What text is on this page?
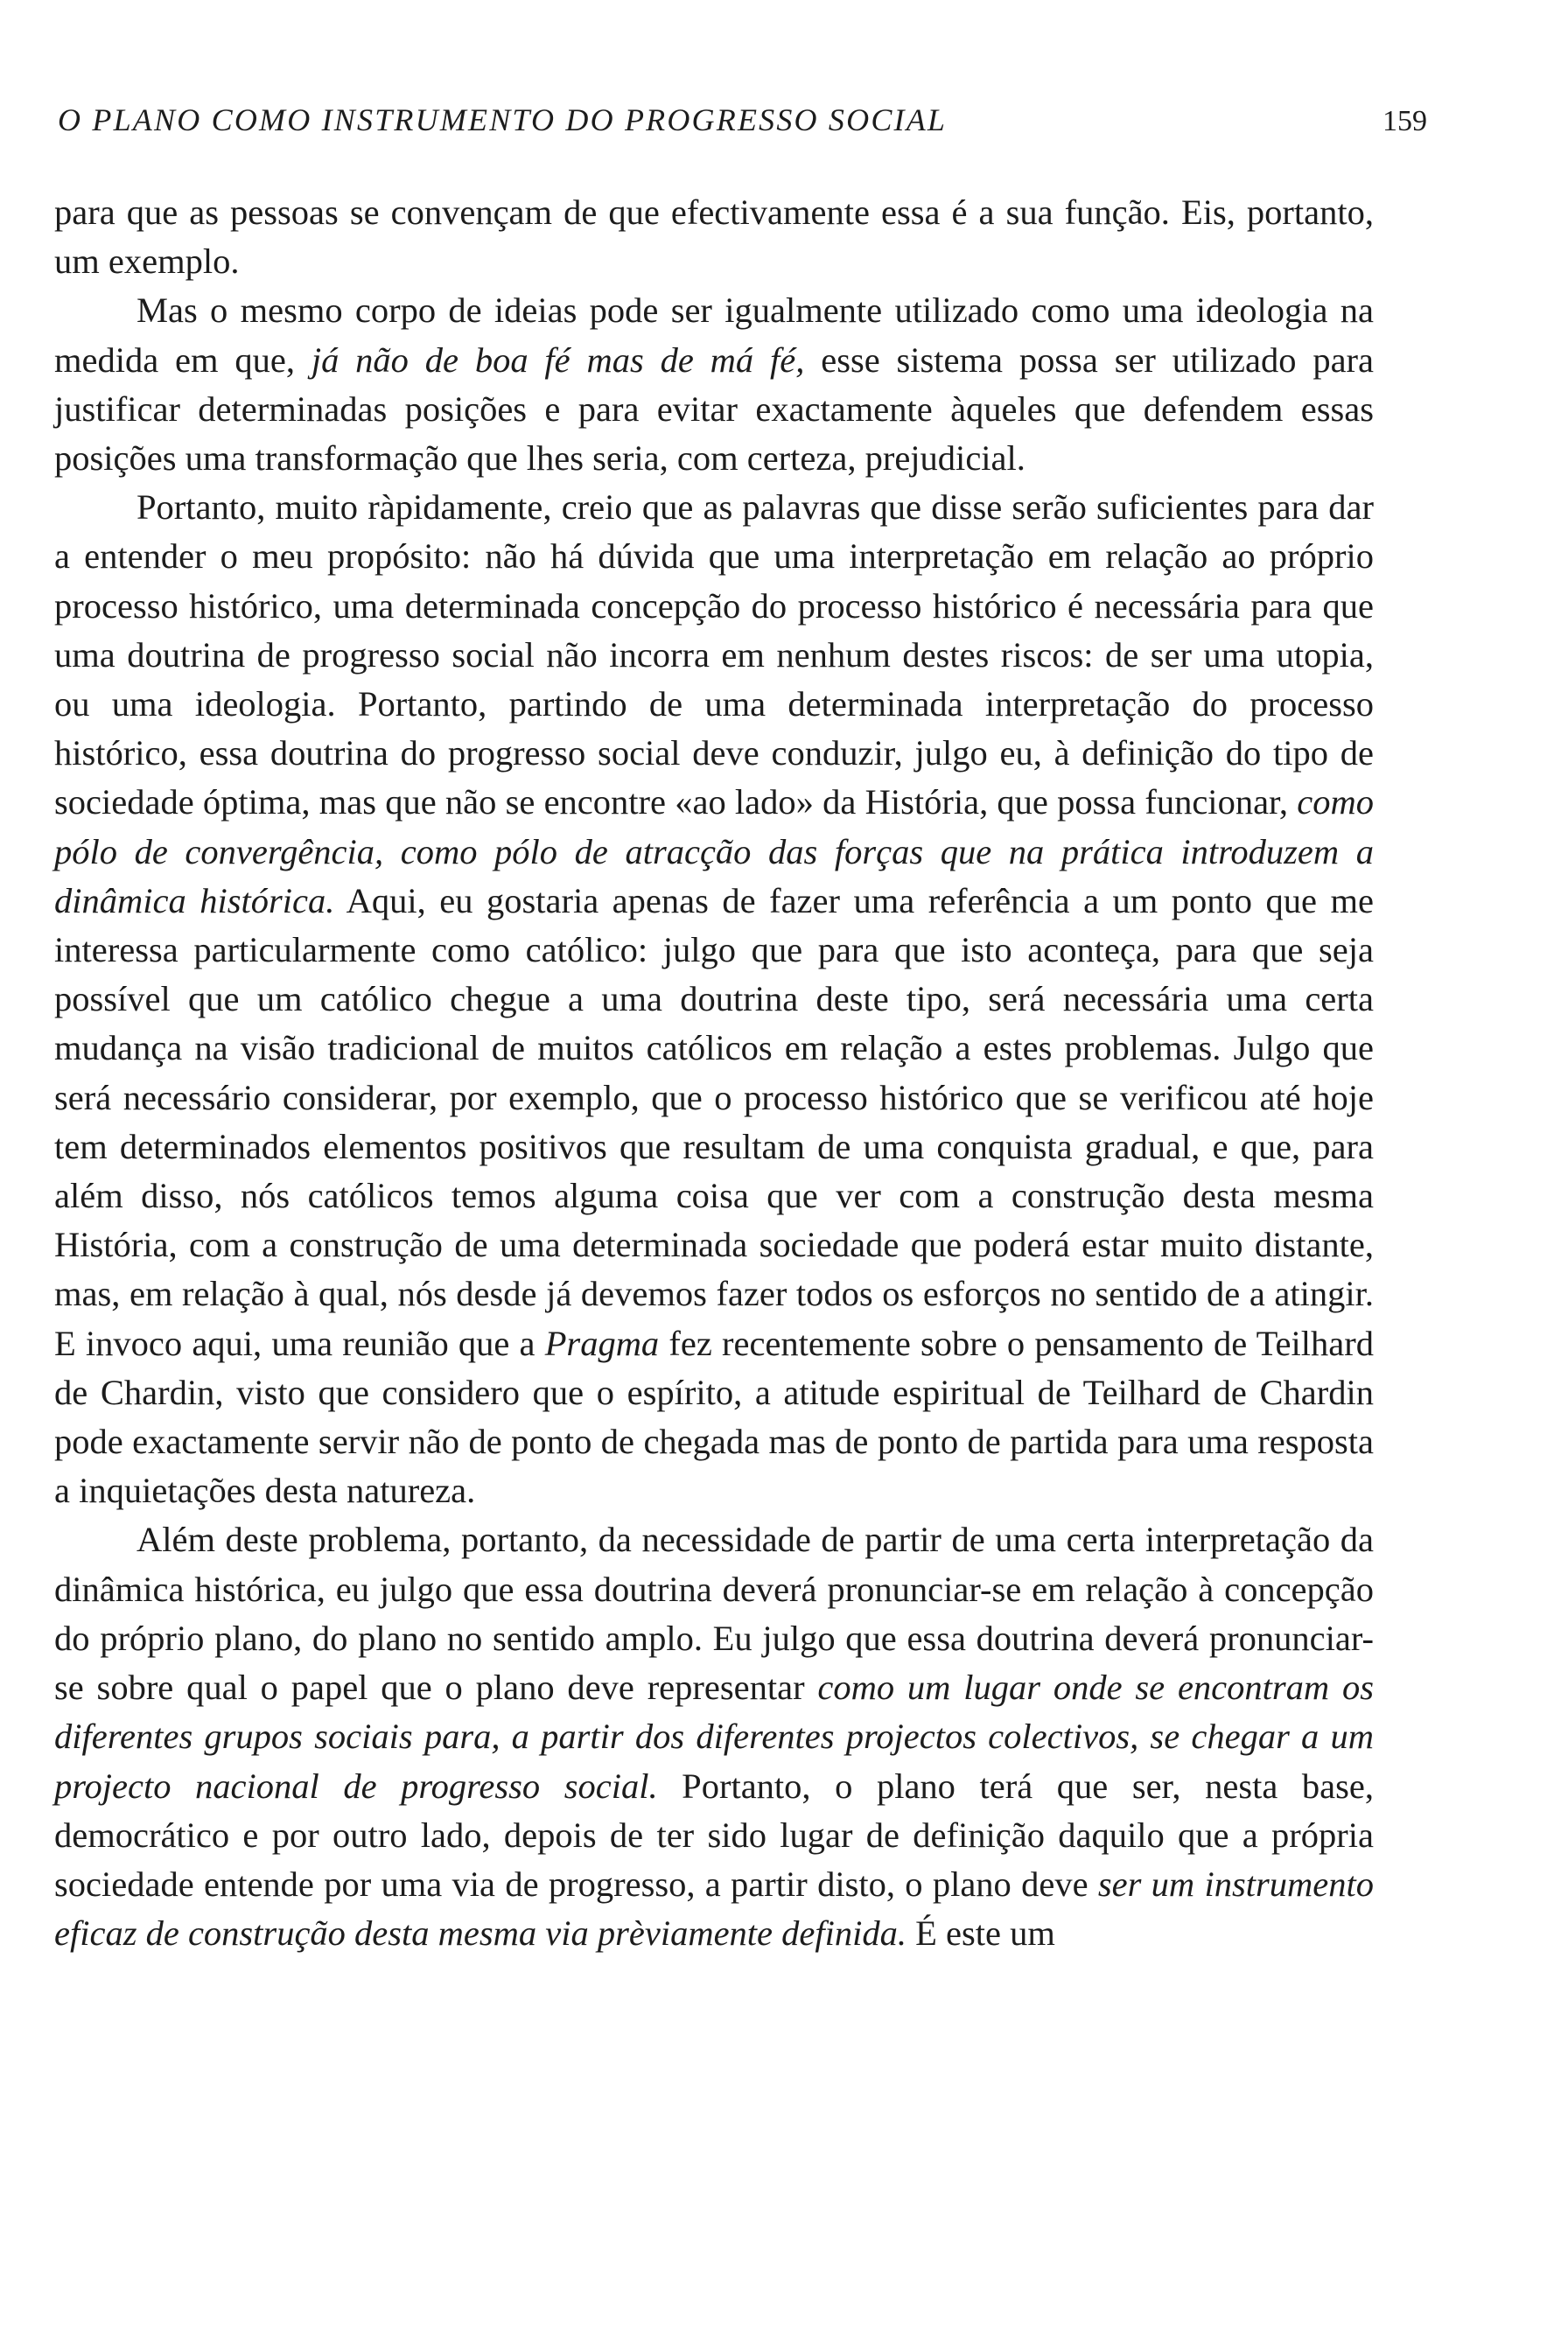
O PLANO COMO INSTRUMENTO DO PROGRESSO SOCIAL	159

para que as pessoas se convençam de que efectivamente essa é a sua função. Eis, portanto, um exemplo.

Mas o mesmo corpo de ideias pode ser igualmente utilizado como uma ideologia na medida em que, já não de boa fé mas de má fé, esse sistema possa ser utilizado para justificar determinadas posições e para evitar exactamente àqueles que defendem essas posições uma transformação que lhes seria, com certeza, prejudicial.

Portanto, muito ràpidamente, creio que as palavras que disse serão suficientes para dar a entender o meu propósito: não há dúvida que uma interpretação em relação ao próprio processo histórico, uma determinada concepção do processo histórico é necessária para que uma doutrina de progresso social não incorra em nenhum destes riscos: de ser uma utopia, ou uma ideologia. Portanto, partindo de uma determinada interpretação do processo histórico, essa doutrina do progresso social deve conduzir, julgo eu, à definição do tipo de sociedade óptima, mas que não se encontre «ao lado» da História, que possa funcionar, como pólo de convergência, como pólo de atracção das forças que na prática introduzem a dinâmica histórica. Aqui, eu gostaria apenas de fazer uma referência a um ponto que me interessa particularmente como católico: julgo que para que isto aconteça, para que seja possível que um católico chegue a uma doutrina deste tipo, será necessária uma certa mudança na visão tradicional de muitos católicos em relação a estes problemas. Julgo que será necessário considerar, por exemplo, que o processo histórico que se verificou até hoje tem determinados elementos positivos que resultam de uma conquista gradual, e que, para além disso, nós católicos temos alguma coisa que ver com a construção desta mesma História, com a construção de uma determinada sociedade que poderá estar muito distante, mas, em relação à qual, nós desde já devemos fazer todos os esforços no sentido de a atingir. E invoco aqui, uma reunião que a Pragma fez recentemente sobre o pensamento de Teilhard de Chardin, visto que considero que o espírito, a atitude espiritual de Teilhard de Chardin pode exactamente servir não de ponto de chegada mas de ponto de partida para uma resposta a inquietações desta natureza.

Além deste problema, portanto, da necessidade de partir de uma certa interpretação da dinâmica histórica, eu julgo que essa doutrina deverá pronunciar-se em relação à concepção do próprio plano, do plano no sentido amplo. Eu julgo que essa doutrina deverá pronunciar-se sobre qual o papel que o plano deve representar como um lugar onde se encontram os diferentes grupos sociais para, a partir dos diferentes projectos colectivos, se chegar a um projecto nacional de progresso social. Portanto, o plano terá que ser, nesta base, democrático e por outro lado, depois de ter sido lugar de definição daquilo que a própria sociedade entende por uma via de progresso, a partir disto, o plano deve ser um instrumento eficaz de construção desta mesma via prèviamente definida. É este um
